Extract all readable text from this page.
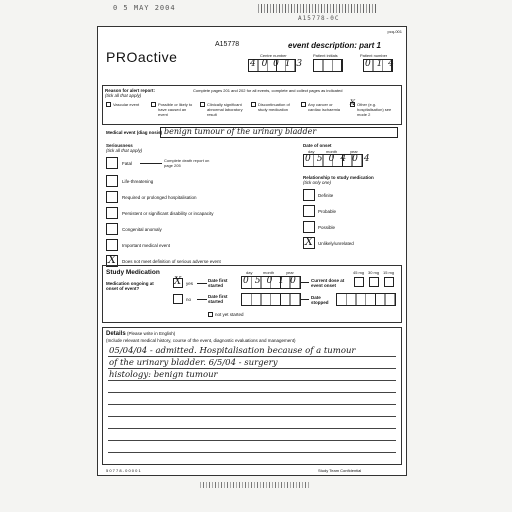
0 5 MAY 2004
A15778-0C
pcq-001
PROactive
A15778	event description: part 1
Centre number
4 0 0 1 3
Patient initials	Patient number
0 1 4
Reason for alert report:
(tick all that apply)
Complete pages 201 and 202 for all events, complete and collect pages as indicated
Vascular event	Possible or likely to have caused an event
Clinically significant abnormal laboratory result
Discontinuation of study medication
Any cancer or cardiac ischaemia
X Other (e.g. hospitalisation) see mode 2
Medical event (diag nosis) benign tumour of the urinary bladder
Seriousness
(tick all that apply)
Fatal
Complete death report on page 205
Life-threatening
Required or prolonged hospitalisation
Persistent or significant disability or incapacity
Congenital anomaly
Important medical event
X Does not meet definition of serious adverse event
Date of onset
day	month	year
0 5 0 4 0 4
Relationship to study medication
(tick only one)
Definite
Probable
Possible
X Unlikely/unrelated
Study Medication
Medication ongoing at onset of event?
X yes
Date first started
day	month	year
0 5 0 1 0	Current dose at event onset
45 mg 30 mg 15 mg
no
Date first started
Date stopped
not yet started
Details (Please write in English)
(Include relevant medical history, course of the event, diagnostic evaluations and management)
05/04/04 - admitted. Hospitalisation because of a tumour
of the urinary bladder. 6/5/04 - surgery
histology: benign tumour
5 0 7 7 8 - 0 0 0 0 1	Study Team Confidential
